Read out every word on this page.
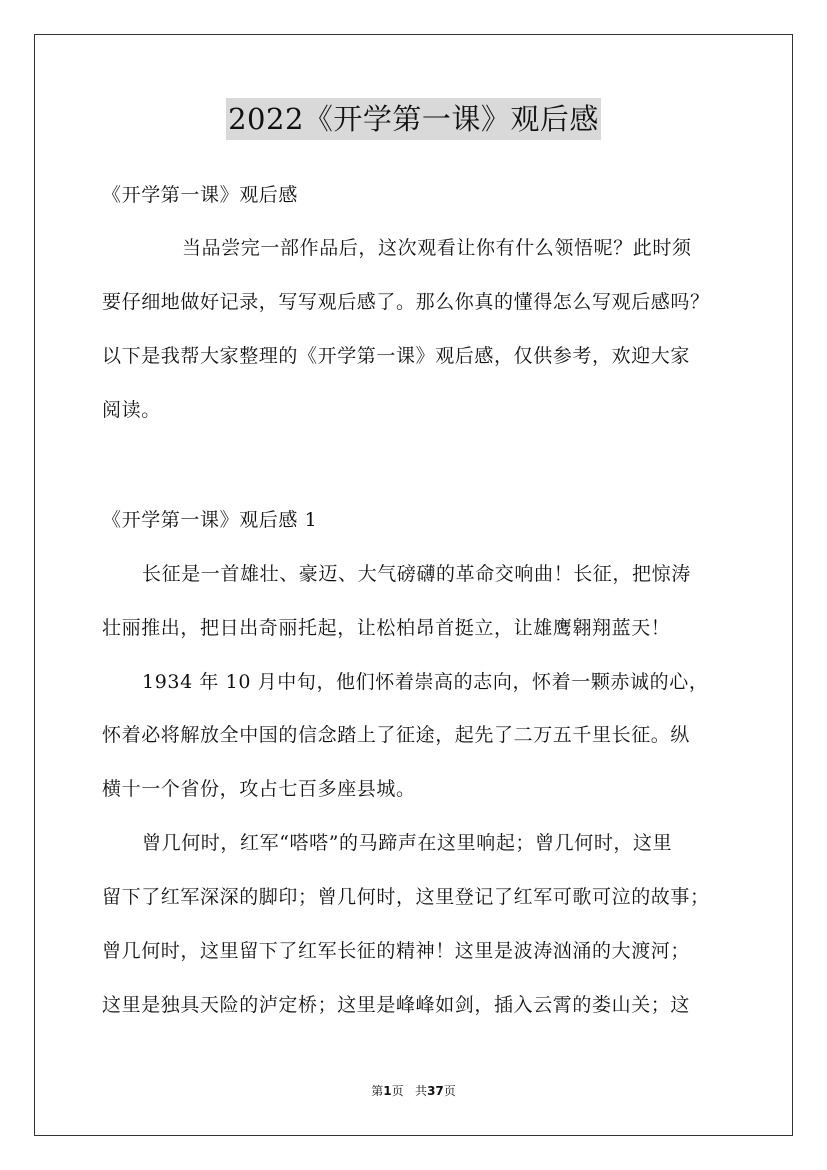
2022《开学第一课》观后感
《开学第一课》观后感
当品尝完一部作品后，这次观看让你有什么领悟呢？此时须
要仔细地做好记录，写写观后感了。那么你真的懂得怎么写观后感吗？
以下是我帮大家整理的《开学第一课》观后感，仅供参考，欢迎大家
阅读。
《开学第一课》观后感 1
长征是一首雄壮、豪迈、大气磅礴的革命交响曲！长征，把惊涛
壮丽推出，把日出奇丽托起，让松柏昂首挺立，让雄鹰翱翔蓝天！
1934 年 10 月中旬，他们怀着崇高的志向，怀着一颗赤诚的心，
怀着必将解放全中国的信念踏上了征途，起先了二万五千里长征。纵
横十一个省份，攻占七百多座县城。
曾几何时，红军“嗒嗒”的马蹄声在这里响起；曾几何时，这里
留下了红军深深的脚印；曾几何时，这里登记了红军可歌可泣的故事；
曾几何时，这里留下了红军长征的精神！这里是波涛汹涌的大渡河；
这里是独具天险的泸定桥；这里是峰峰如剑，插入云霄的娄山关；这
第1页 共37页
